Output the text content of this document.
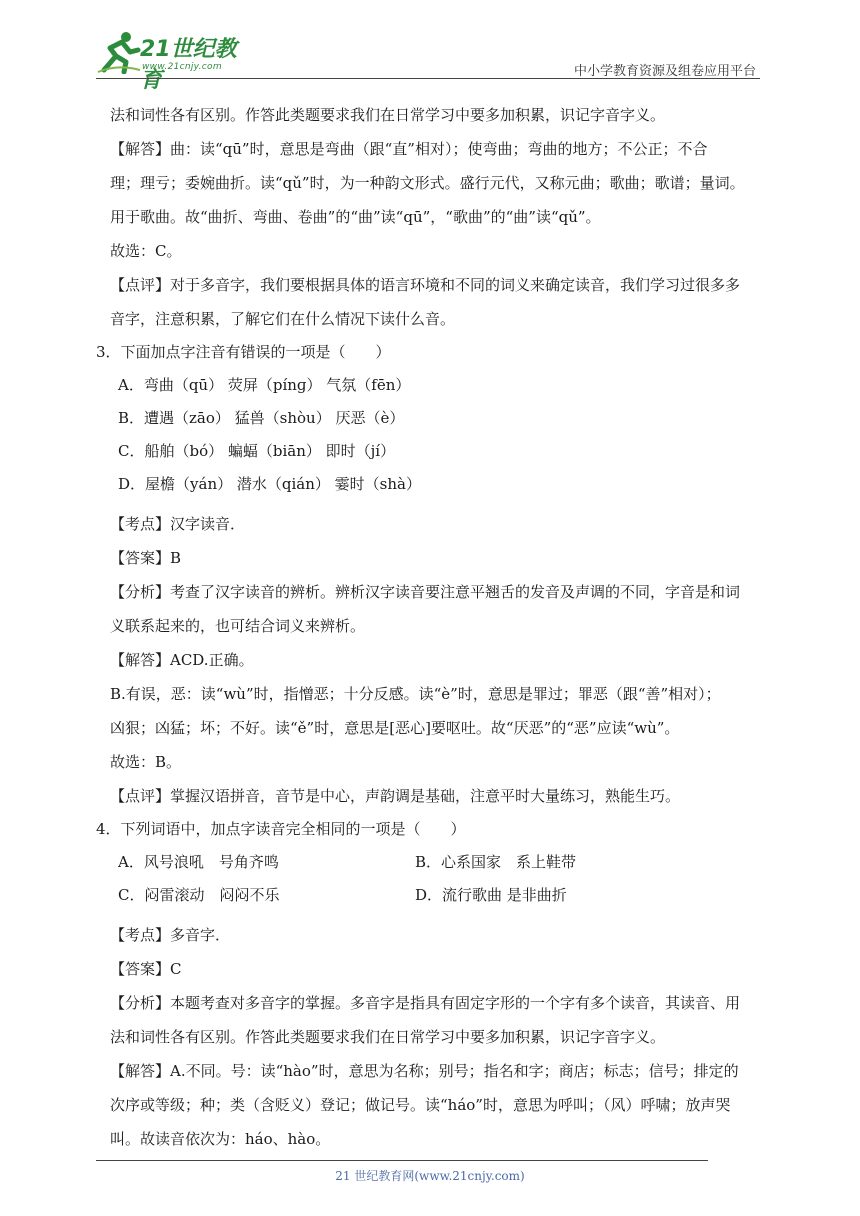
21世纪教育
www.21cnjy.com	中小学教育资源及组卷应用平台

法和词性各有区别。作答此类题要求我们在日常学习中要多加积累，识记字音字义。

【解答】曲：读“qū”时，意思是弯曲（跟“直”相对）；使弯曲；弯曲的地方；不公正；不合

理；理亏；委婉曲折。读“qǔ”时，为一种韵文形式。盛行元代，又称元曲；歌曲；歌谱；量词。

用于歌曲。故“曲折、弯曲、卷曲”的“曲”读“qū”，“歌曲”的“曲”读“qǔ”。

故选：C。

【点评】对于多音字，我们要根据具体的语言环境和不同的词义来确定读音，我们学习过很多多

音字，注意积累，了解它们在什么情况下读什么音。

3．下面加点字注音有错误的一项是（　　）

A．弯曲（qū） 荧屏（pínɡ） 气氛（fēn）

B．遭遇（zāo） 猛兽（shòu） 厌恶（è）

C．船舶（bó） 蝙蝠（biān） 即时（jí）

D．屋檐（yán） 潜水（qián） 霎时（shà）

【考点】汉字读音．

【答案】B

【分析】考查了汉字读音的辨析。辨析汉字读音要注意平翘舌的发音及声调的不同，字音是和词

义联系起来的，也可结合词义来辨析。

【解答】ACD.正确。

B.有误，恶：读“wù”时，指憎恶；十分反感。读“è”时，意思是罪过；罪恶（跟“善”相对）；

凶狠；凶猛；坏；不好。读“ě”时，意思是[恶心]要呕吐。故“厌恶”的“恶”应读“wù”。

故选：B。

【点评】掌握汉语拼音，音节是中心，声韵调是基础，注意平时大量练习，熟能生巧。

4．下列词语中，加点字读音完全相同的一项是（　　）

A．风号浪吼　号角齐鸣	B．心系国家　系上鞋带
C．闷雷滚动　闷闷不乐	D．流行歌曲 是非曲折

【考点】多音字．

【答案】C

【分析】本题考查对多音字的掌握。多音字是指具有固定字形的一个字有多个读音，其读音、用

法和词性各有区别。作答此类题要求我们在日常学习中要多加积累，识记字音字义。

【解答】A.不同。号：读“hào”时，意思为名称；别号；指名和字；商店；标志；信号；排定的

次序或等级；种；类（含贬义）登记；做记号。读“háo”时，意思为呼叫；（风）呼啸；放声哭

叫。故读音依次为：háo、hào。

21 世纪教育网(www.21cnjy.com)
